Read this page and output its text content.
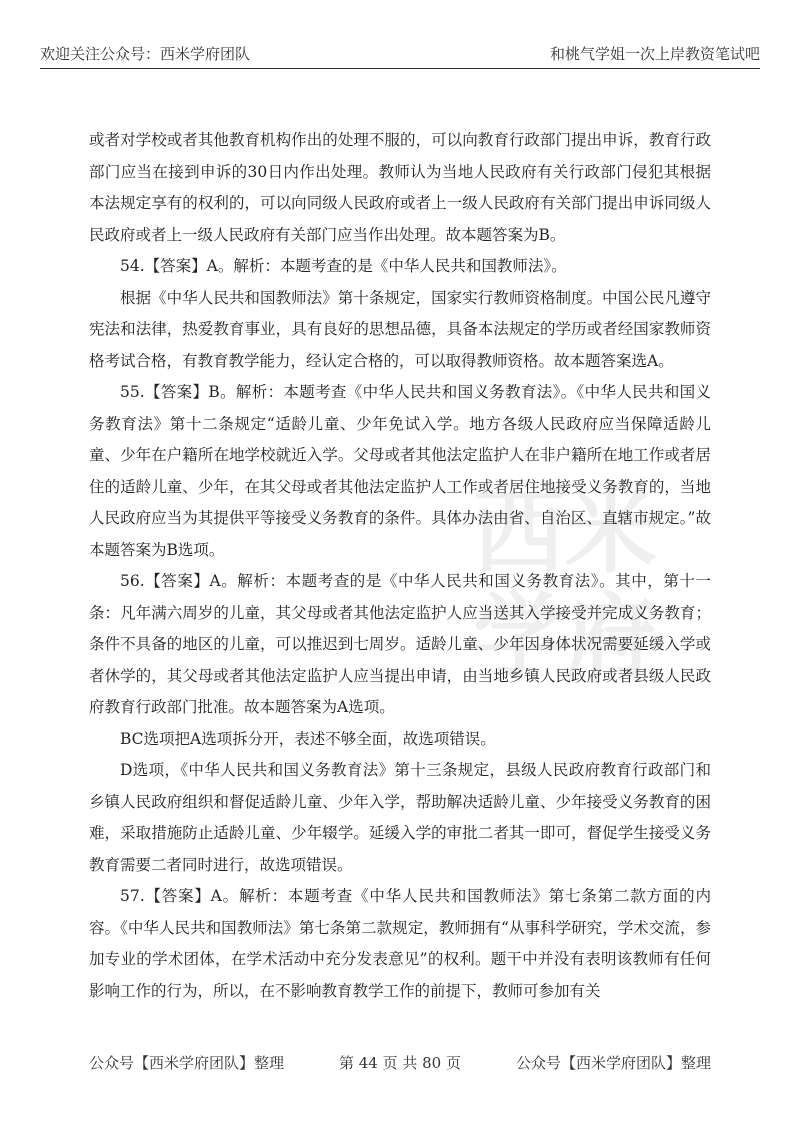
欢迎关注公众号：西米学府团队	和桃气学姐一次上岸教资笔试吧
西米学府

或者对学校或者其他教育机构作出的处理不服的，可以向教育行政部门提出申诉，教育行政部门应当在接到申诉的30日内作出处理。教师认为当地人民政府有关行政部门侵犯其根据本法规定享有的权利的，可以向同级人民政府或者上一级人民政府有关部门提出申诉同级人民政府或者上一级人民政府有关部门应当作出处理。故本题答案为B。

54.【答案】A。解析：本题考查的是《中华人民共和国教师法》。

根据《中华人民共和国教师法》第十条规定，国家实行教师资格制度。中国公民凡遵守宪法和法律，热爱教育事业，具有良好的思想品德，具备本法规定的学历或者经国家教师资格考试合格，有教育教学能力，经认定合格的，可以取得教师资格。故本题答案选A。

55.【答案】B。解析：本题考查《中华人民共和国义务教育法》。《中华人民共和国义务教育法》第十二条规定“适龄儿童、少年免试入学。地方各级人民政府应当保障适龄儿童、少年在户籍所在地学校就近入学。父母或者其他法定监护人在非户籍所在地工作或者居住的适龄儿童、少年，在其父母或者其他法定监护人工作或者居住地接受义务教育的，当地人民政府应当为其提供平等接受义务教育的条件。具体办法由省、自治区、直辖市规定。”故本题答案为B选项。

56.【答案】A。解析：本题考查的是《中华人民共和国义务教育法》。其中，第十一条：凡年满六周岁的儿童，其父母或者其他法定监护人应当送其入学接受并完成义务教育；条件不具备的地区的儿童，可以推迟到七周岁。适龄儿童、少年因身体状况需要延缓入学或者休学的，其父母或者其他法定监护人应当提出申请，由当地乡镇人民政府或者县级人民政府教育行政部门批准。故本题答案为A选项。

BC选项把A选项拆分开，表述不够全面，故选项错误。

D选项，《中华人民共和国义务教育法》第十三条规定，县级人民政府教育行政部门和乡镇人民政府组织和督促适龄儿童、少年入学，帮助解决适龄儿童、少年接受义务教育的困难，采取措施防止适龄儿童、少年辍学。延缓入学的审批二者其一即可，督促学生接受义务教育需要二者同时进行，故选项错误。

57.【答案】A。解析：本题考查《中华人民共和国教师法》第七条第二款方面的内容。《中华人民共和国教师法》第七条第二款规定，教师拥有“从事科学研究，学术交流，参加专业的学术团体，在学术活动中充分发表意见”的权利。题干中并没有表明该教师有任何影响工作的行为，所以，在不影响教育教学工作的前提下，教师可参加有关

公众号【西米学府团队】整理	第 44 页 共 80 页	公众号【西米学府团队】整理
